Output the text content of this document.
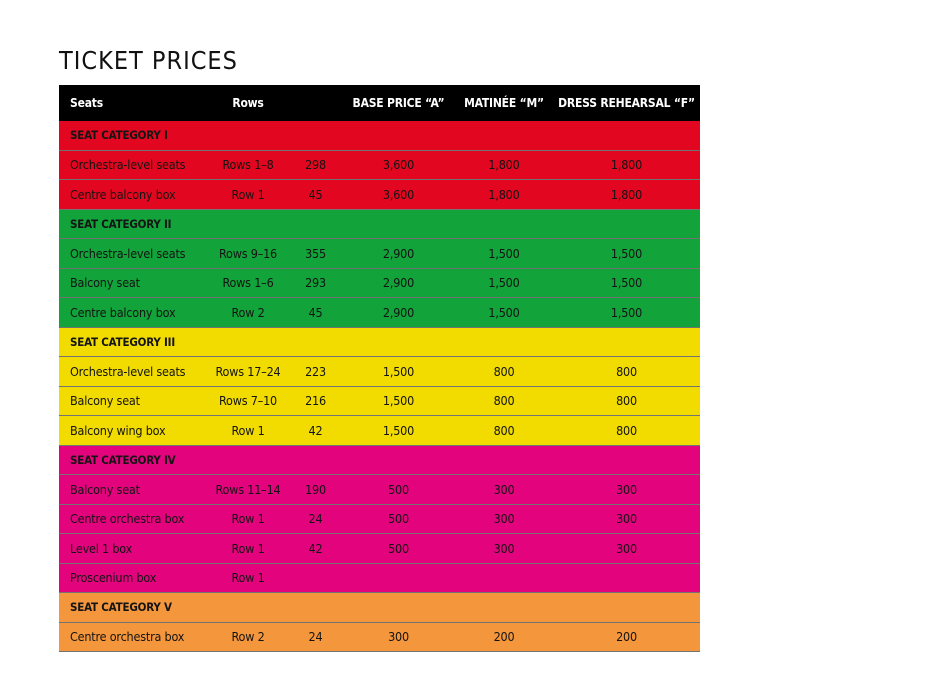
TICKET PRICES
Seats	Rows		BASE PRICE “A”	MATINÉE “M”	DRESS REHEARSAL “F”
SEAT CATEGORY I					
Orchestra-level seats	Rows 1–8	298	3,600	1,800	1,800
Centre balcony box	Row 1	45	3,600	1,800	1,800
SEAT CATEGORY II					
Orchestra-level seats	Rows 9–16	355	2,900	1,500	1,500
Balcony seat	Rows 1–6	293	2,900	1,500	1,500
Centre balcony box	Row 2	45	2,900	1,500	1,500
SEAT CATEGORY III					
Orchestra-level seats	Rows 17–24	223	1,500	800	800
Balcony seat	Rows 7–10	216	1,500	800	800
Balcony wing box	Row 1	42	1,500	800	800
SEAT CATEGORY IV					
Balcony seat	Rows 11–14	190	500	300	300
Centre orchestra box	Row 1	24	500	300	300
Level 1 box	Row 1	42	500	300	300
Proscenium box	Row 1				
SEAT CATEGORY V					
Centre orchestra box	Row 2	24	300	200	200
